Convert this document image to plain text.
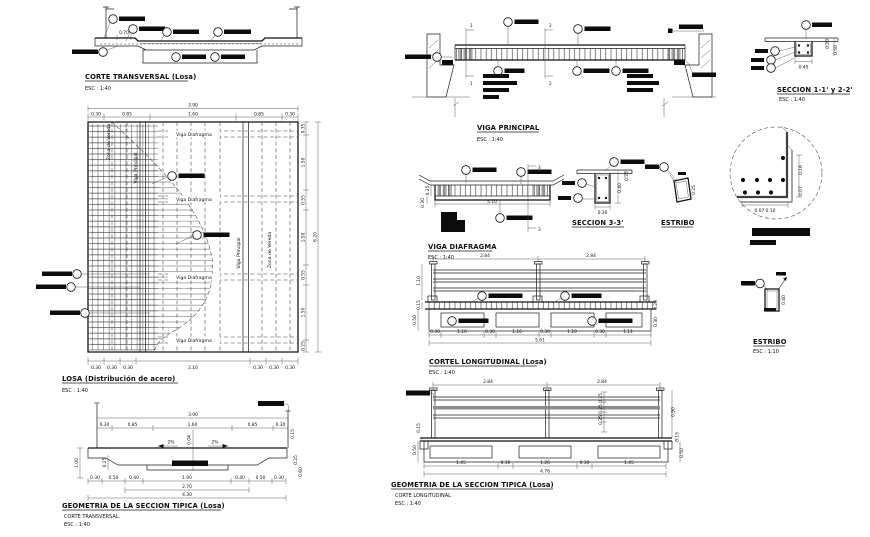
0.70
CORTE TRANSVERSAL (Losa)
ESC : 1:40
3.90
0.30	0.85	1.60	0.85	0.30
Viga Diafragma
Viga Diafragma
Viga Diafragma
Viga Diafragma
Zona de Vereda
Viga Principal
Viga Principal	Zona de Vereda
0.30 0.30 0.30	2.10	0.30 0.30 0.30
0.35
1.50
0.55
1.50
0.55
1.50
0.25
6.20
LOSA (Distribución de acero)
ESC : 1:40
3.90
0.30	0.85	1.60	0.85	0.30
0.04
2%	2%
0.30 0.50 0.40	1.90	0.40 0.50 0.30
2.70
4.30
1.00	0.25
0.15
0.25
0.60
GEOMETRIA DE LA SECCION TIPICA (Losa)
CORTE TRANSVERSAL.
ESC : 1:40
1
1
2
2
VIGA PRINCIPAL
ESC : 1:40
5.10
0.25
0.30
3
3
VIGA DIAFRAGMA
ESC : 1:40
0.40
0.25
0.30
SECCION 3-3'
0.25
ESTRIBO
0.16
0.07
0.07 0.10
0.40
0.20
0.50
SECCION 1-1' y 2-2'
ESC : 1:40
0.40
ESTRIBO
ESC : 1:10
2.84	2.84
0.30	1.10	0.30	1.10	0.30	1.10	0.30	1.11
5.61
1.10
0.15
0.50
0.20
0.30
CORTEL LONGITUDINAL (Losa)
ESC : 1:40
2.84	2.84
0.25
0.25
0.25
1.45	0.30	1.26	0.30	1.45
4.76
0.15
0.50
0.90
0.15
0.50
GEOMETRIA DE LA SECCION TIPICA (Losa)
CORTE LONGITUDINAL
ESC : 1:40
